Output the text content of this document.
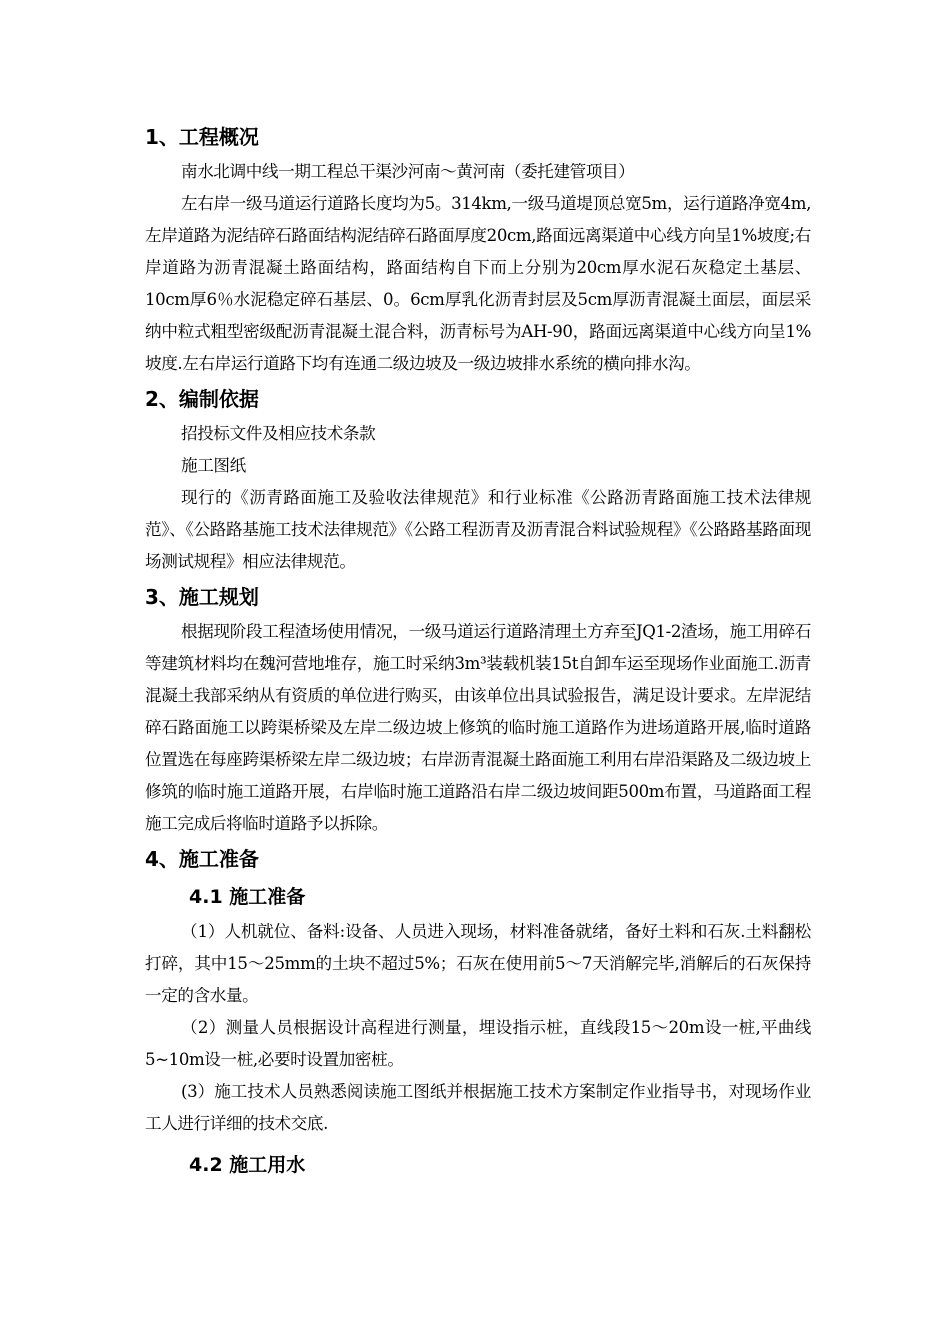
1、工程概况

南水北调中线一期工程总干渠沙河南～黄河南（委托建管项目）

左右岸一级马道运行道路长度均为5。314km,一级马道堤顶总宽5m，运行道路净宽4m,左岸道路为泥结碎石路面结构泥结碎石路面厚度20cm,路面远离渠道中心线方向呈1%坡度;右岸道路为沥青混凝土路面结构，路面结构自下而上分别为20cm厚水泥石灰稳定土基层、10cm厚6％水泥稳定碎石基层、0。6cm厚乳化沥青封层及5cm厚沥青混凝土面层，面层采纳中粒式粗型密级配沥青混凝土混合料，沥青标号为AH-90，路面远离渠道中心线方向呈1%坡度.左右岸运行道路下均有连通二级边坡及一级边坡排水系统的横向排水沟。

2、编制依据

招投标文件及相应技术条款

施工图纸

现行的《沥青路面施工及验收法律规范》和行业标准《公路沥青路面施工技术法律规范》、《公路路基施工技术法律规范》《公路工程沥青及沥青混合料试验规程》《公路路基路面现场测试规程》相应法律规范。

3、施工规划

根据现阶段工程渣场使用情况，一级马道运行道路清理土方弃至JQ1-2渣场，施工用碎石等建筑材料均在魏河营地堆存，施工时采纳3m³装载机装15t自卸车运至现场作业面施工.沥青混凝土我部采纳从有资质的单位进行购买，由该单位出具试验报告，满足设计要求。左岸泥结碎石路面施工以跨渠桥梁及左岸二级边坡上修筑的临时施工道路作为进场道路开展,临时道路位置选在每座跨渠桥梁左岸二级边坡；右岸沥青混凝土路面施工利用右岸沿渠路及二级边坡上修筑的临时施工道路开展，右岸临时施工道路沿右岸二级边坡间距500m布置，马道路面工程施工完成后将临时道路予以拆除。

4、施工准备
4.1 施工准备

（1）人机就位、备料:设备、人员进入现场，材料准备就绪，备好土料和石灰.土料翻松打碎，其中15～25mm的土块不超过5%；石灰在使用前5～7天消解完毕,消解后的石灰保持一定的含水量。

（2）测量人员根据设计高程进行测量，埋设指示桩，直线段15～20m设一桩,平曲线5~10m设一桩,必要时设置加密桩。

(3）施工技术人员熟悉阅读施工图纸并根据施工技术方案制定作业指导书，对现场作业工人进行详细的技术交底.

4.2 施工用水
